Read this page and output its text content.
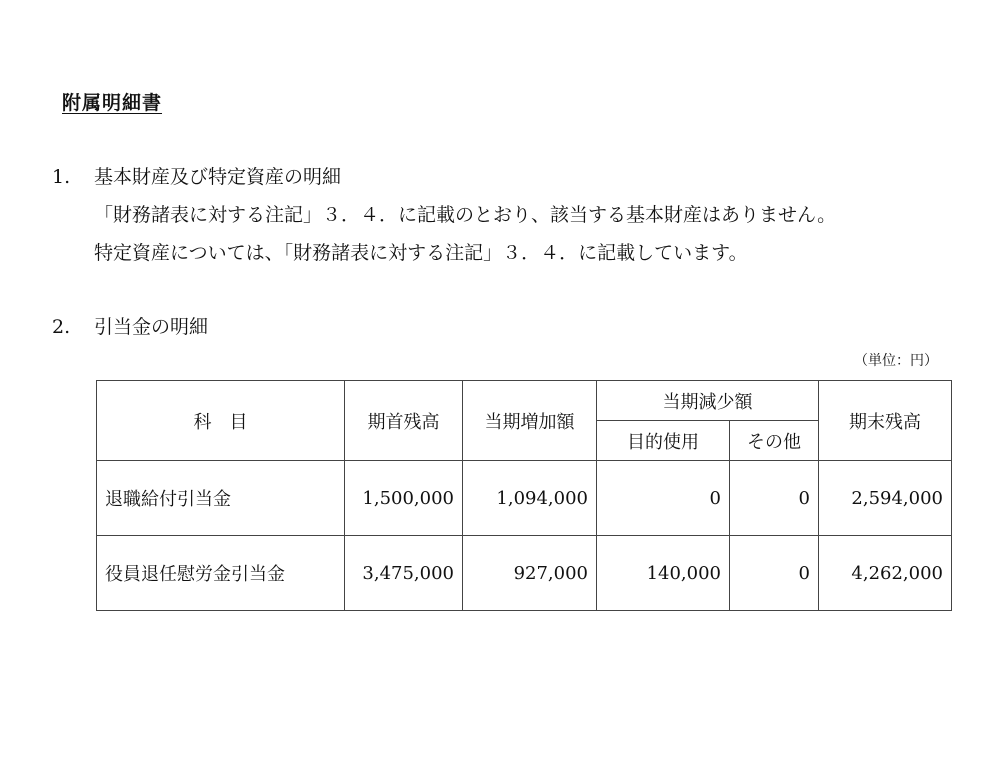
附属明細書
1. 基本財産及び特定資産の明細
「財務諸表に対する注記」３．４．に記載のとおり、該当する基本財産はありません。
特定資産については、「財務諸表に対する注記」３．４．に記載しています。
2. 引当金の明細
（単位：円）
科　目	期首残高	当期増加額	当期減少額		期末残高
			目的使用	その他	
退職給付引当金	1,500,000	1,094,000	0	0	2,594,000
役員退任慰労金引当金	3,475,000	927,000	140,000	0	4,262,000
